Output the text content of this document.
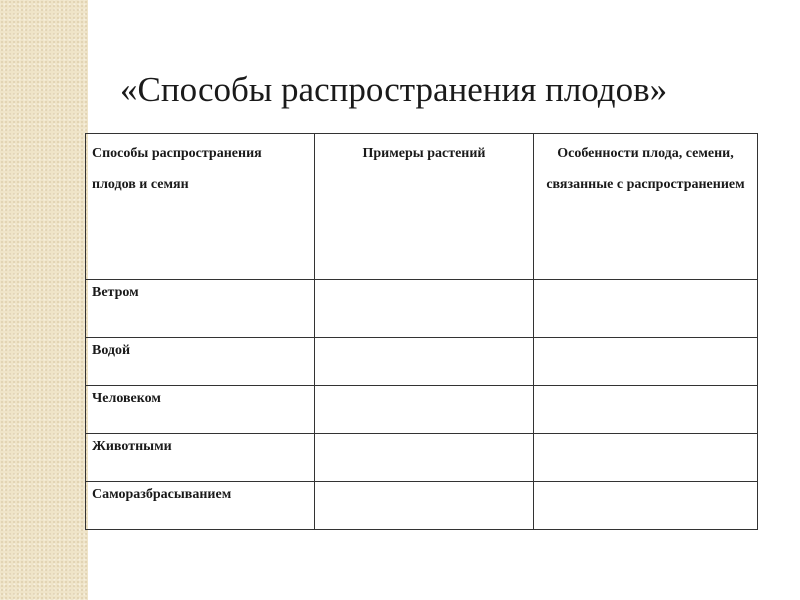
«Способы распространения плодов»
Способы распространения плодов и семян	Примеры растений	Особенности плода, семени, связанные с распространением
Ветром		
Водой		
Человеком		
Животными		
Саморазбрасыванием		
